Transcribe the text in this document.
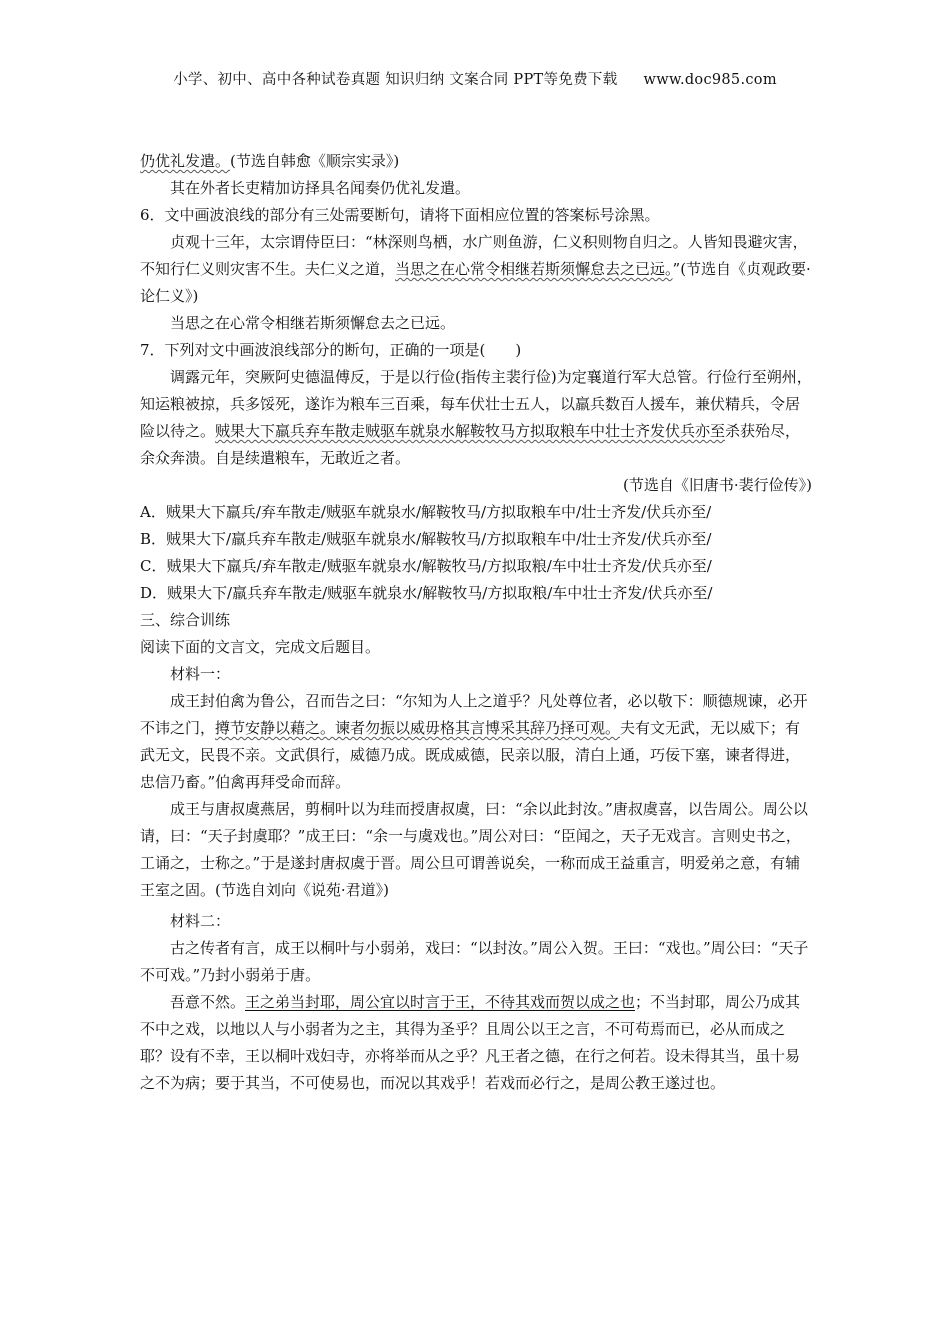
小学、初中、高中各种试卷真题 知识归纳 文案合同 PPT等免费下载 www.doc985.com

仍优礼发遣。(节选自韩愈《顺宗实录》)

其在外者长吏精加访择具名闻奏仍优礼发遣。

6．文中画波浪线的部分有三处需要断句，请将下面相应位置的答案标号涂黑。

贞观十三年，太宗谓侍臣曰：“林深则鸟栖，水广则鱼游，仁义积则物自归之。人皆知畏避灾害，不知行仁义则灾害不生。夫仁义之道，当思之在心常令相继若斯须懈怠去之已远。”(节选自《贞观政要·论仁义》)

当思之在心常令相继若斯须懈怠去之已远。

7．下列对文中画波浪线部分的断句，正确的一项是(　　)

调露元年，突厥阿史德温傅反，于是以行俭(指传主裴行俭)为定襄道行军大总管。行俭行至朔州，知运粮被掠，兵多馁死，遂诈为粮车三百乘，每车伏壮士五人，以羸兵数百人援车，兼伏精兵，令居险以待之。贼果大下羸兵弃车散走贼驱车就泉水解鞍牧马方拟取粮车中壮士齐发伏兵亦至杀获殆尽，余众奔溃。自是续遣粮车，无敢近之者。

(节选自《旧唐书·裴行俭传》)

A．贼果大下羸兵/弃车散走/贼驱车就泉水/解鞍牧马/方拟取粮车中/壮士齐发/伏兵亦至/

B．贼果大下/羸兵弃车散走/贼驱车就泉水/解鞍牧马/方拟取粮车中/壮士齐发/伏兵亦至/

C．贼果大下羸兵/弃车散走/贼驱车就泉水/解鞍牧马/方拟取粮/车中壮士齐发/伏兵亦至/

D．贼果大下/羸兵弃车散走/贼驱车就泉水/解鞍牧马/方拟取粮/车中壮士齐发/伏兵亦至/

三、综合训练

阅读下面的文言文，完成文后题目。

材料一：

成王封伯禽为鲁公，召而告之曰：“尔知为人上之道乎？凡处尊位者，必以敬下：顺德规谏，必开不讳之门，撙节安静以藉之。谏者勿振以威毋格其言博采其辞乃择可观。夫有文无武，无以威下；有武无文，民畏不亲。文武俱行，威德乃成。既成威德，民亲以服，清白上通，巧佞下塞，谏者得进，忠信乃畜。”伯禽再拜受命而辞。

成王与唐叔虞燕居，剪桐叶以为珪而授唐叔虞，曰：“余以此封汝。”唐叔虞喜，以告周公。周公以请，曰：“天子封虞耶？”成王曰：“余一与虞戏也。”周公对曰：“臣闻之，天子无戏言。言则史书之，工诵之，士称之。”于是遂封唐叔虞于晋。周公旦可谓善说矣，一称而成王益重言，明爱弟之意，有辅王室之固。(节选自刘向《说苑·君道》)

材料二：

古之传者有言，成王以桐叶与小弱弟，戏曰：“以封汝。”周公入贺。王曰：“戏也。”周公曰：“天子不可戏。”乃封小弱弟于唐。

吾意不然。王之弟当封耶，周公宜以时言于王，不待其戏而贺以成之也；不当封耶，周公乃成其不中之戏，以地以人与小弱者为之主，其得为圣乎？且周公以王之言，不可苟焉而已，必从而成之耶？设有不幸，王以桐叶戏妇寺，亦将举而从之乎？凡王者之德，在行之何若。设未得其当，虽十易之不为病；要于其当，不可使易也，而况以其戏乎！若戏而必行之，是周公教王遂过也。
